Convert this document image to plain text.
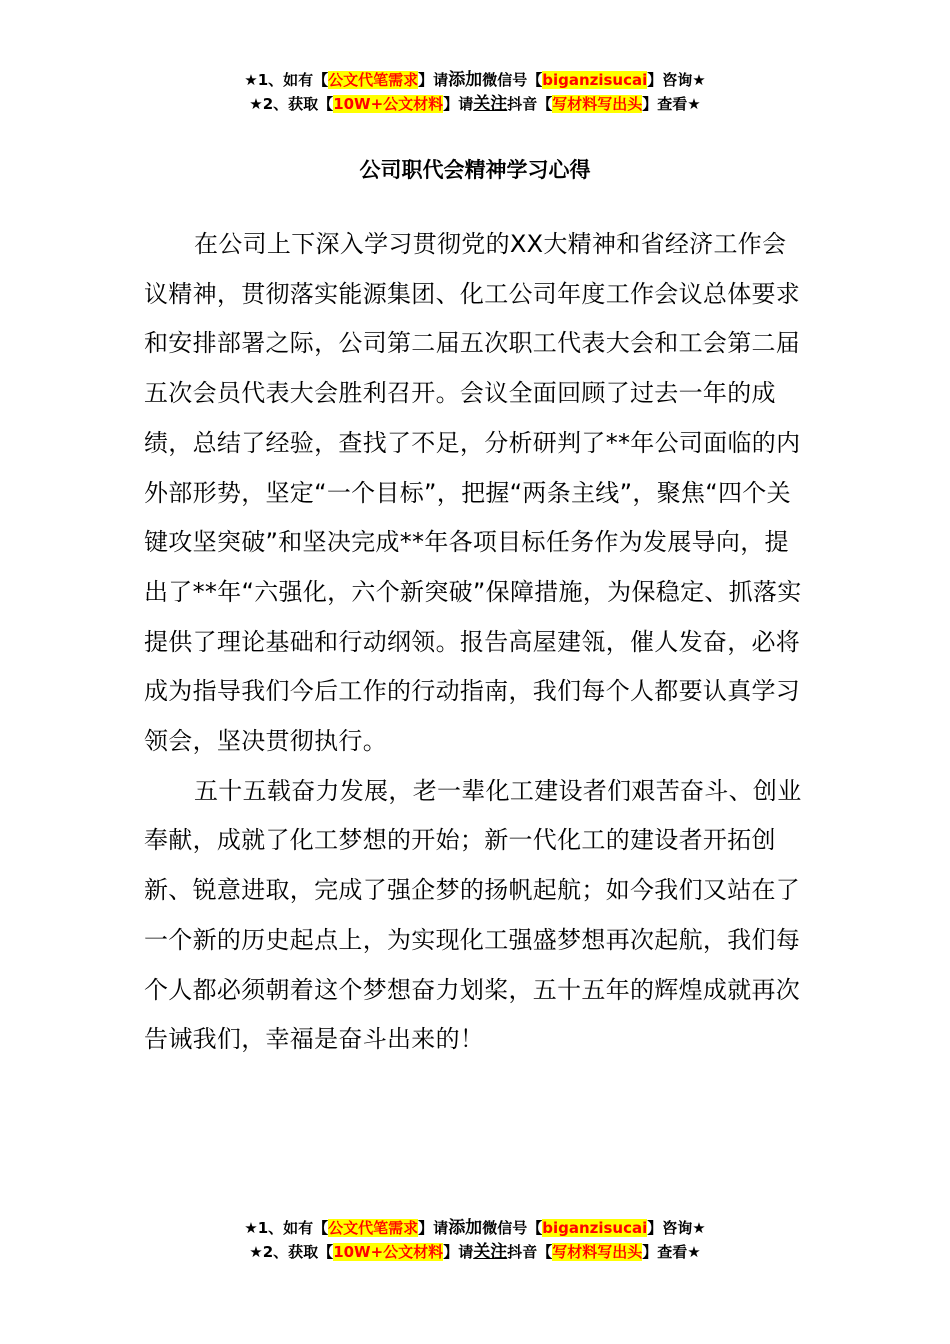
★1、如有【公文代笔需求】请添加微信号【biganzisucai】咨询★
★2、获取【10W+公文材料】请关注抖音【写材料写出头】查看★
公司职代会精神学习心得

在公司上下深入学习贯彻党的XX大精神和省经济工作会议精神，贯彻落实能源集团、化工公司年度工作会议总体要求和安排部署之际，公司第二届五次职工代表大会和工会第二届五次会员代表大会胜利召开。会议全面回顾了过去一年的成绩，总结了经验，查找了不足，分析研判了**年公司面临的内外部形势，坚定“一个目标”，把握“两条主线”，聚焦“四个关键攻坚突破”和坚决完成**年各项目标任务作为发展导向，提出了**年“六强化，六个新突破”保障措施，为保稳定、抓落实提供了理论基础和行动纲领。报告高屋建瓴，催人发奋，必将成为指导我们今后工作的行动指南，我们每个人都要认真学习领会，坚决贯彻执行。

五十五载奋力发展，老一辈化工建设者们艰苦奋斗、创业奉献，成就了化工梦想的开始；新一代化工的建设者开拓创新、锐意进取，完成了强企梦的扬帆起航；如今我们又站在了一个新的历史起点上，为实现化工强盛梦想再次起航，我们每个人都必须朝着这个梦想奋力划桨，五十五年的辉煌成就再次告诫我们，幸福是奋斗出来的！

★1、如有【公文代笔需求】请添加微信号【biganzisucai】咨询★
★2、获取【10W+公文材料】请关注抖音【写材料写出头】查看★
